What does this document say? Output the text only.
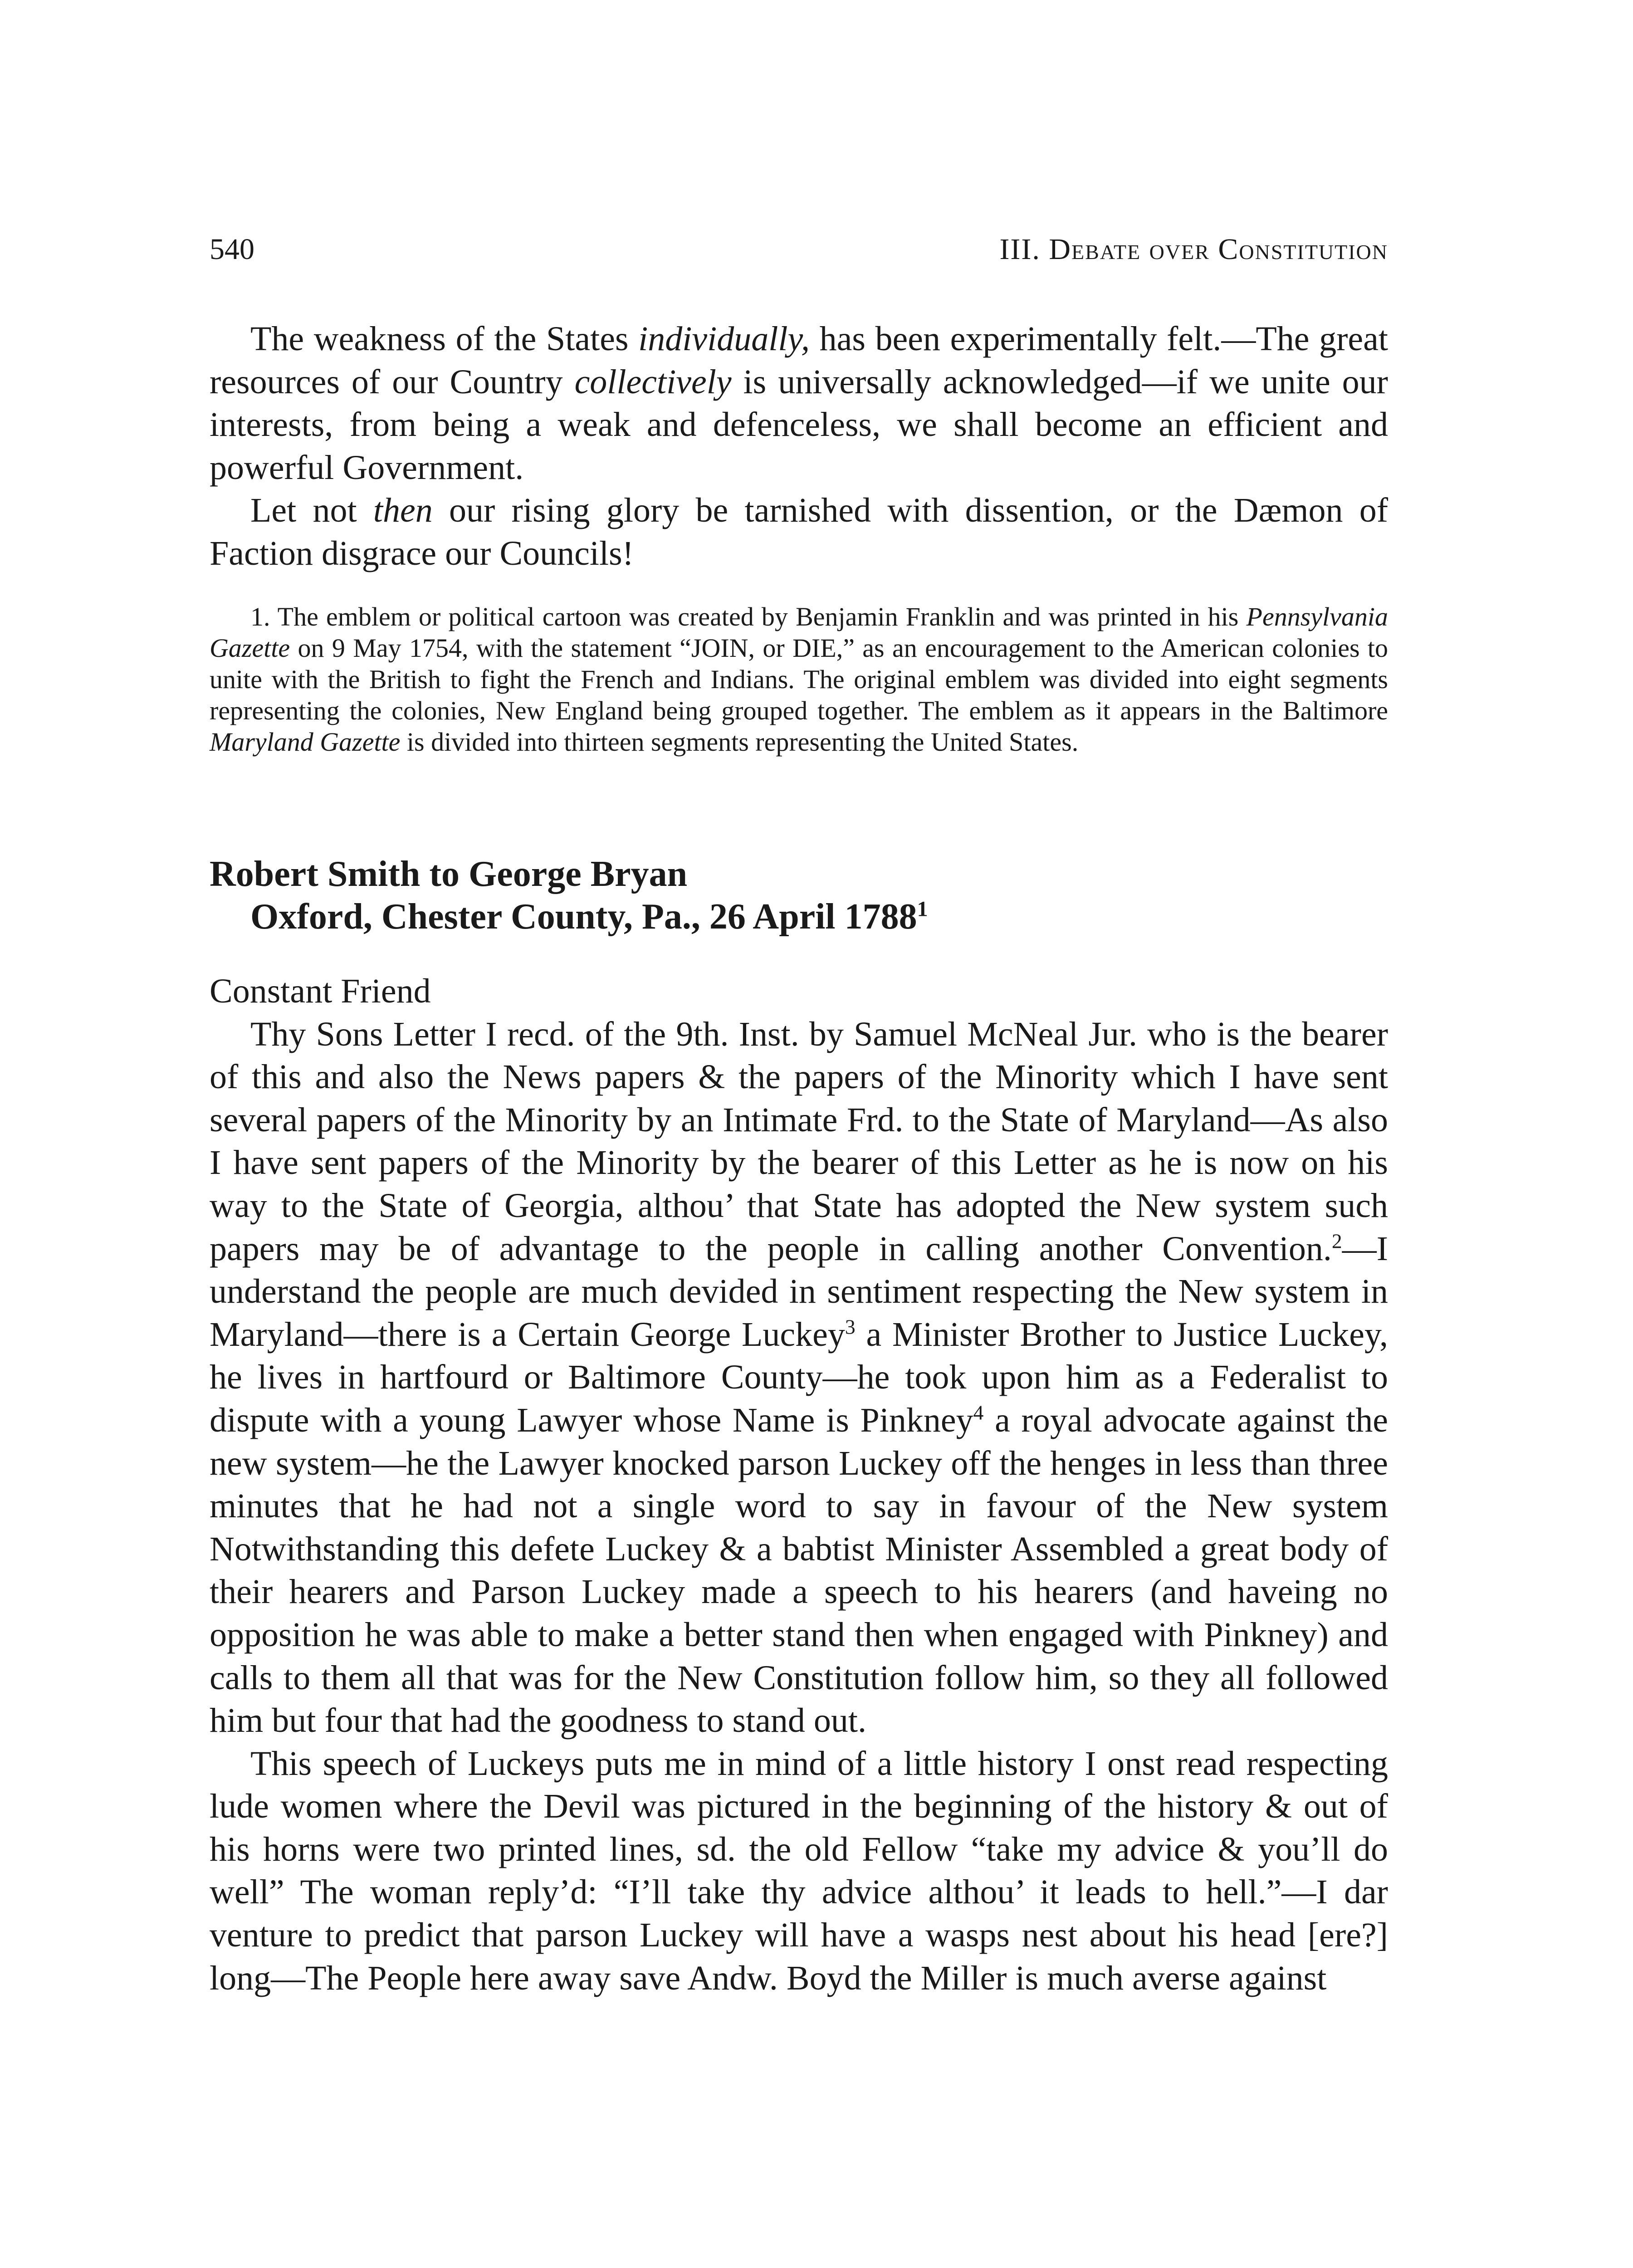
540	III. Debate over Constitution

The weakness of the States individually, has been experimentally felt.—The great resources of our Country collectively is universally acknowledged—if we unite our interests, from being a weak and defenceless, we shall become an efficient and powerful Government.

Let not then our rising glory be tarnished with dissention, or the Dæmon of Faction disgrace our Councils!

1. The emblem or political cartoon was created by Benjamin Franklin and was printed in his Pennsylvania Gazette on 9 May 1754, with the statement “JOIN, or DIE,” as an encouragement to the American colonies to unite with the British to fight the French and Indians. The original emblem was divided into eight segments representing the colonies, New England being grouped together. The emblem as it appears in the Baltimore Maryland Gazette is divided into thirteen segments representing the United States.

Robert Smith to George Bryan

Oxford, Chester County, Pa., 26 April 1788$^1$

Constant Friend

Thy Sons Letter I recd. of the 9th. Inst. by Samuel McNeal Jur. who is the bearer of this and also the News papers & the papers of the Minority which I have sent several papers of the Minority by an Intimate Frd. to the State of Maryland—As also I have sent papers of the Minority by the bearer of this Letter as he is now on his way to the State of Georgia, althou’ that State has adopted the New system such papers may be of advantage to the people in calling another Convention.$^2$—I understand the people are much devided in sentiment respecting the New system in Maryland—there is a Certain George Luckey$^3$ a Minister Brother to Justice Luckey, he lives in hartfourd or Baltimore County—he took upon him as a Federalist to dispute with a young Lawyer whose Name is Pinkney$^4$ a royal advocate against the new system—he the Lawyer knocked parson Luckey off the henges in less than three minutes that he had not a single word to say in favour of the New system Notwithstanding this defete Luckey & a babtist Minister Assembled a great body of their hearers and Parson Luckey made a speech to his hearers (and haveing no opposition he was able to make a better stand then when engaged with Pinkney) and calls to them all that was for the New Constitution follow him, so they all followed him but four that had the goodness to stand out.

This speech of Luckeys puts me in mind of a little history I onst read respecting lude women where the Devil was pictured in the beginning of the history & out of his horns were two printed lines, sd. the old Fellow “take my advice & you’ll do well” The woman reply’d: “I’ll take thy advice althou’ it leads to hell.”—I dar venture to predict that parson Luckey will have a wasps nest about his head [ere?] long—The People here away save Andw. Boyd the Miller is much averse against
